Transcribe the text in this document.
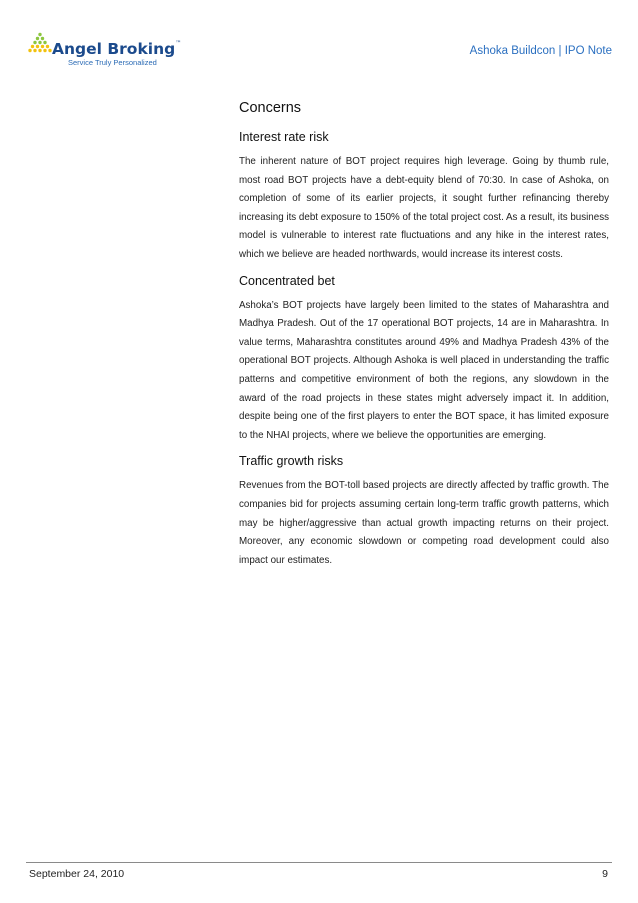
Angel Broking™
Service Truly Personalized
Ashoka Buildcon | IPO Note
Concerns
Interest rate risk

The inherent nature of BOT project requires high leverage. Going by thumb rule, most road BOT projects have a debt-equity blend of 70:30. In case of Ashoka, on completion of some of its earlier projects, it sought further refinancing thereby increasing its debt exposure to 150% of the total project cost. As a result, its business model is vulnerable to interest rate fluctuations and any hike in the interest rates, which we believe are headed northwards, would increase its interest costs.

Concentrated bet

Ashoka’s BOT projects have largely been limited to the states of Maharashtra and Madhya Pradesh. Out of the 17 operational BOT projects, 14 are in Maharashtra. In value terms, Maharashtra constitutes around 49% and Madhya Pradesh 43% of the operational BOT projects. Although Ashoka is well placed in understanding the traffic patterns and competitive environment of both the regions, any slowdown in the award of the road projects in these states might adversely impact it. In addition, despite being one of the first players to enter the BOT space, it has limited exposure to the NHAI projects, where we believe the opportunities are emerging.

Traffic growth risks

Revenues from the BOT-toll based projects are directly affected by traffic growth. The companies bid for projects assuming certain long-term traffic growth patterns, which may be higher/aggressive than actual growth impacting returns on their project. Moreover, any economic slowdown or competing road development could also impact our estimates.

September 24, 2010	9
